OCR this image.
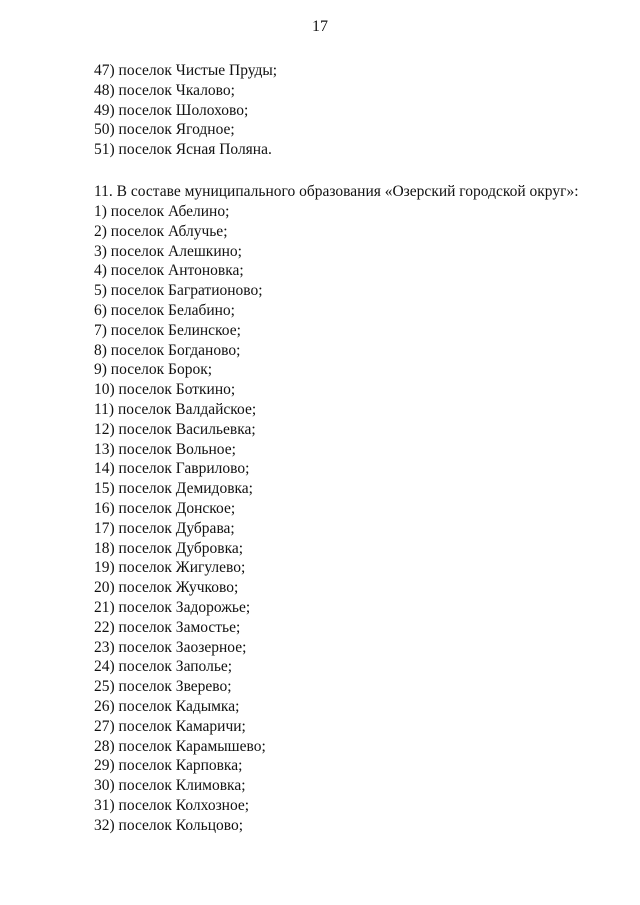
17
47) поселок Чистые Пруды;
48) поселок Чкалово;
49) поселок Шолохово;
50) поселок Ягодное;
51) поселок Ясная Поляна.
11. В составе муниципального образования «Озерский городской округ»:
1) поселок Абелино;
2) поселок Аблучье;
3) поселок Алешкино;
4) поселок Антоновка;
5) поселок Багратионово;
6) поселок Белабино;
7) поселок Белинское;
8) поселок Богданово;
9) поселок Борок;
10) поселок Боткино;
11) поселок Валдайское;
12) поселок Васильевка;
13) поселок Вольное;
14) поселок Гаврилово;
15) поселок Демидовка;
16) поселок Донское;
17) поселок Дубрава;
18) поселок Дубровка;
19) поселок Жигулево;
20) поселок Жучково;
21) поселок Задорожье;
22) поселок Замостье;
23) поселок Заозерное;
24) поселок Заполье;
25) поселок Зверево;
26) поселок Кадымка;
27) поселок Камаричи;
28) поселок Карамышево;
29) поселок Карповка;
30) поселок Климовка;
31) поселок Колхозное;
32) поселок Кольцово;
